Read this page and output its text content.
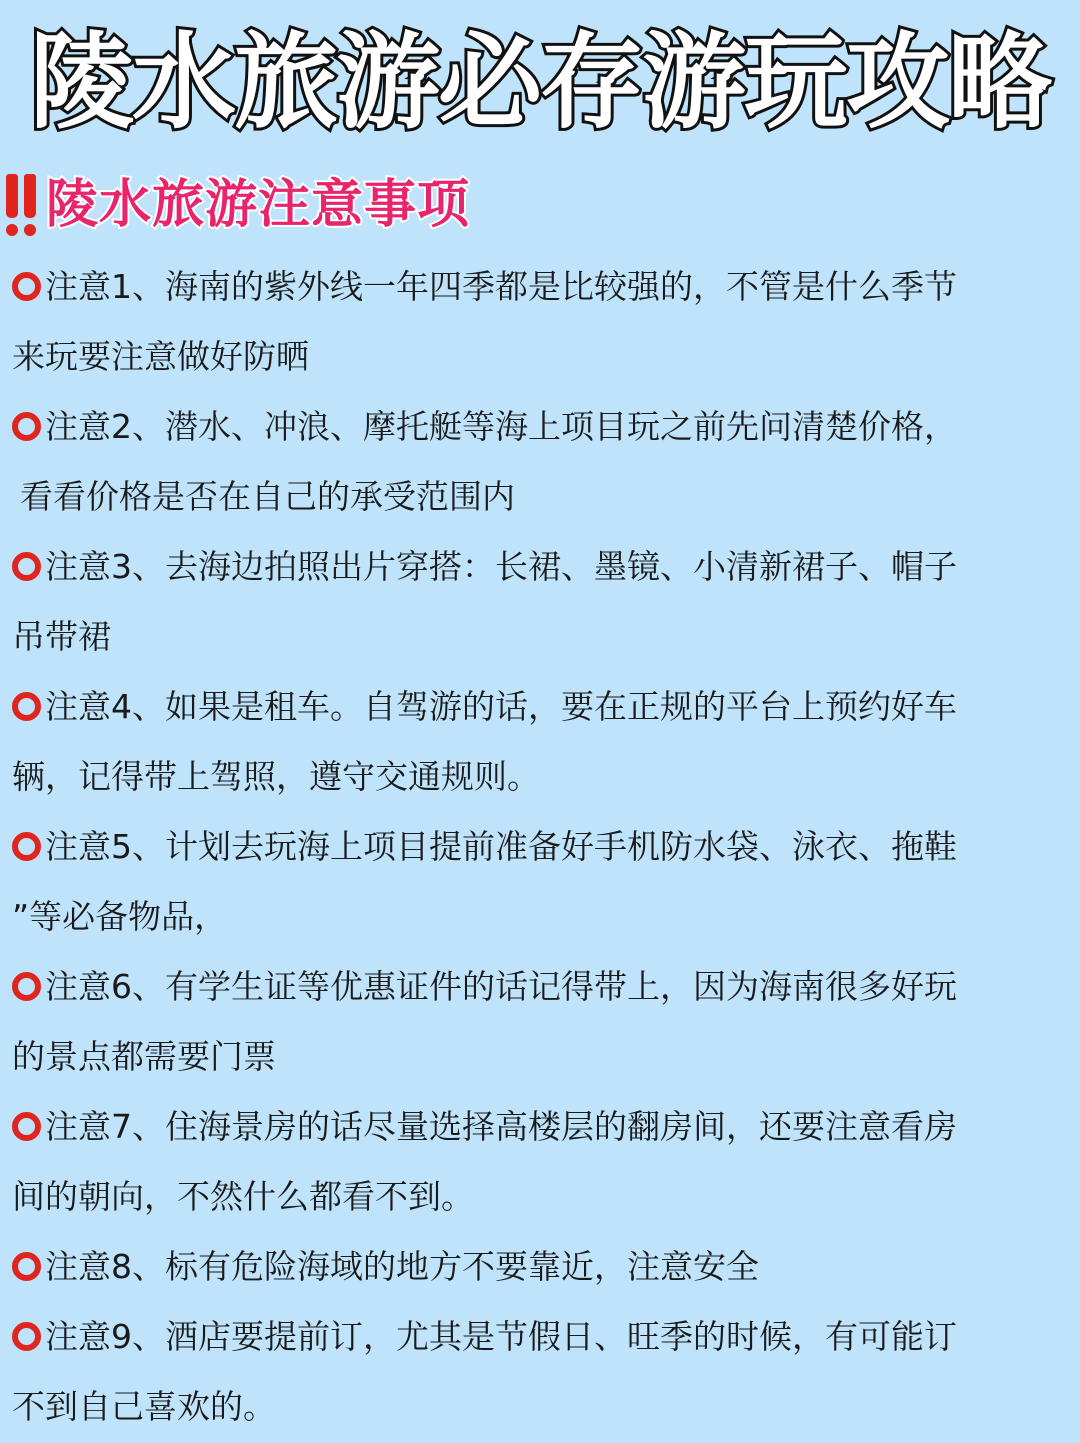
陵水旅游必存游玩攻略
陵水旅游注意事项
注意1、海南的紫外线一年四季都是比较强的，不管是什么季节
来玩要注意做好防晒
注意2、潜水、冲浪、摩托艇等海上项目玩之前先问清楚价格，
看看价格是否在自己的承受范围内
注意3、去海边拍照出片穿搭：长裙、墨镜、小清新裙子、帽子
吊带裙
注意4、如果是租车。自驾游的话，要在正规的平台上预约好车
辆，记得带上驾照，遵守交通规则。
注意5、计划去玩海上项目提前准备好手机防水袋、泳衣、拖鞋
”等必备物品，
注意6、有学生证等优惠证件的话记得带上，因为海南很多好玩
的景点都需要门票
注意7、住海景房的话尽量选择高楼层的翻房间，还要注意看房
间的朝向，不然什么都看不到。
注意8、标有危险海域的地方不要靠近，注意安全
注意9、酒店要提前订，尤其是节假日、旺季的时候，有可能订
不到自己喜欢的。
